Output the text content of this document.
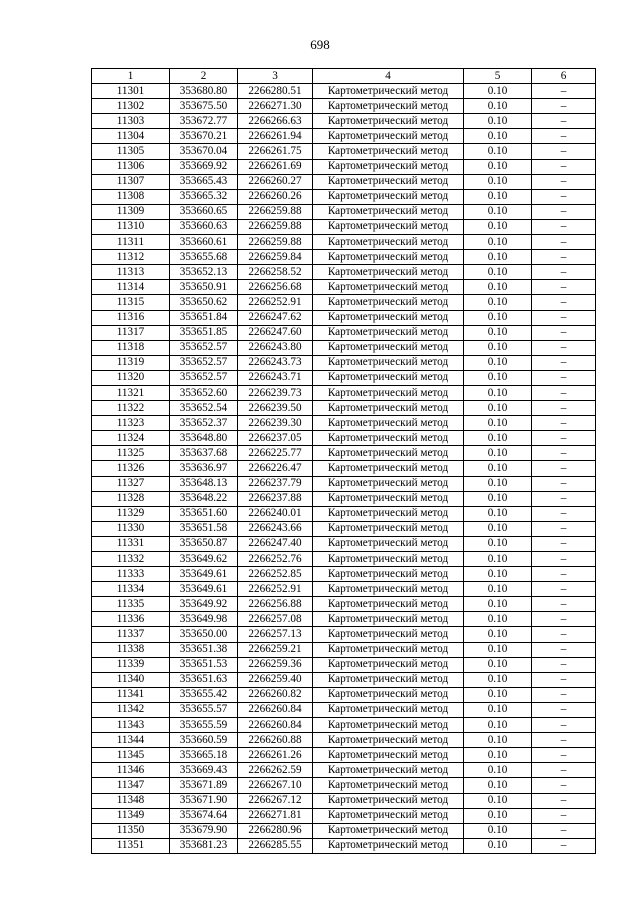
698
1	2	3	4	5	6
11301	353680.80	2266280.51	Картометрический метод	0.10	–
11302	353675.50	2266271.30	Картометрический метод	0.10	–
11303	353672.77	2266266.63	Картометрический метод	0.10	–
11304	353670.21	2266261.94	Картометрический метод	0.10	–
11305	353670.04	2266261.75	Картометрический метод	0.10	–
11306	353669.92	2266261.69	Картометрический метод	0.10	–
11307	353665.43	2266260.27	Картометрический метод	0.10	–
11308	353665.32	2266260.26	Картометрический метод	0.10	–
11309	353660.65	2266259.88	Картометрический метод	0.10	–
11310	353660.63	2266259.88	Картометрический метод	0.10	–
11311	353660.61	2266259.88	Картометрический метод	0.10	–
11312	353655.68	2266259.84	Картометрический метод	0.10	–
11313	353652.13	2266258.52	Картометрический метод	0.10	–
11314	353650.91	2266256.68	Картометрический метод	0.10	–
11315	353650.62	2266252.91	Картометрический метод	0.10	–
11316	353651.84	2266247.62	Картометрический метод	0.10	–
11317	353651.85	2266247.60	Картометрический метод	0.10	–
11318	353652.57	2266243.80	Картометрический метод	0.10	–
11319	353652.57	2266243.73	Картометрический метод	0.10	–
11320	353652.57	2266243.71	Картометрический метод	0.10	–
11321	353652.60	2266239.73	Картометрический метод	0.10	–
11322	353652.54	2266239.50	Картометрический метод	0.10	–
11323	353652.37	2266239.30	Картометрический метод	0.10	–
11324	353648.80	2266237.05	Картометрический метод	0.10	–
11325	353637.68	2266225.77	Картометрический метод	0.10	–
11326	353636.97	2266226.47	Картометрический метод	0.10	–
11327	353648.13	2266237.79	Картометрический метод	0.10	–
11328	353648.22	2266237.88	Картометрический метод	0.10	–
11329	353651.60	2266240.01	Картометрический метод	0.10	–
11330	353651.58	2266243.66	Картометрический метод	0.10	–
11331	353650.87	2266247.40	Картометрический метод	0.10	–
11332	353649.62	2266252.76	Картометрический метод	0.10	–
11333	353649.61	2266252.85	Картометрический метод	0.10	–
11334	353649.61	2266252.91	Картометрический метод	0.10	–
11335	353649.92	2266256.88	Картометрический метод	0.10	–
11336	353649.98	2266257.08	Картометрический метод	0.10	–
11337	353650.00	2266257.13	Картометрический метод	0.10	–
11338	353651.38	2266259.21	Картометрический метод	0.10	–
11339	353651.53	2266259.36	Картометрический метод	0.10	–
11340	353651.63	2266259.40	Картометрический метод	0.10	–
11341	353655.42	2266260.82	Картометрический метод	0.10	–
11342	353655.57	2266260.84	Картометрический метод	0.10	–
11343	353655.59	2266260.84	Картометрический метод	0.10	–
11344	353660.59	2266260.88	Картометрический метод	0.10	–
11345	353665.18	2266261.26	Картометрический метод	0.10	–
11346	353669.43	2266262.59	Картометрический метод	0.10	–
11347	353671.89	2266267.10	Картометрический метод	0.10	–
11348	353671.90	2266267.12	Картометрический метод	0.10	–
11349	353674.64	2266271.81	Картометрический метод	0.10	–
11350	353679.90	2266280.96	Картометрический метод	0.10	–
11351	353681.23	2266285.55	Картометрический метод	0.10	–
